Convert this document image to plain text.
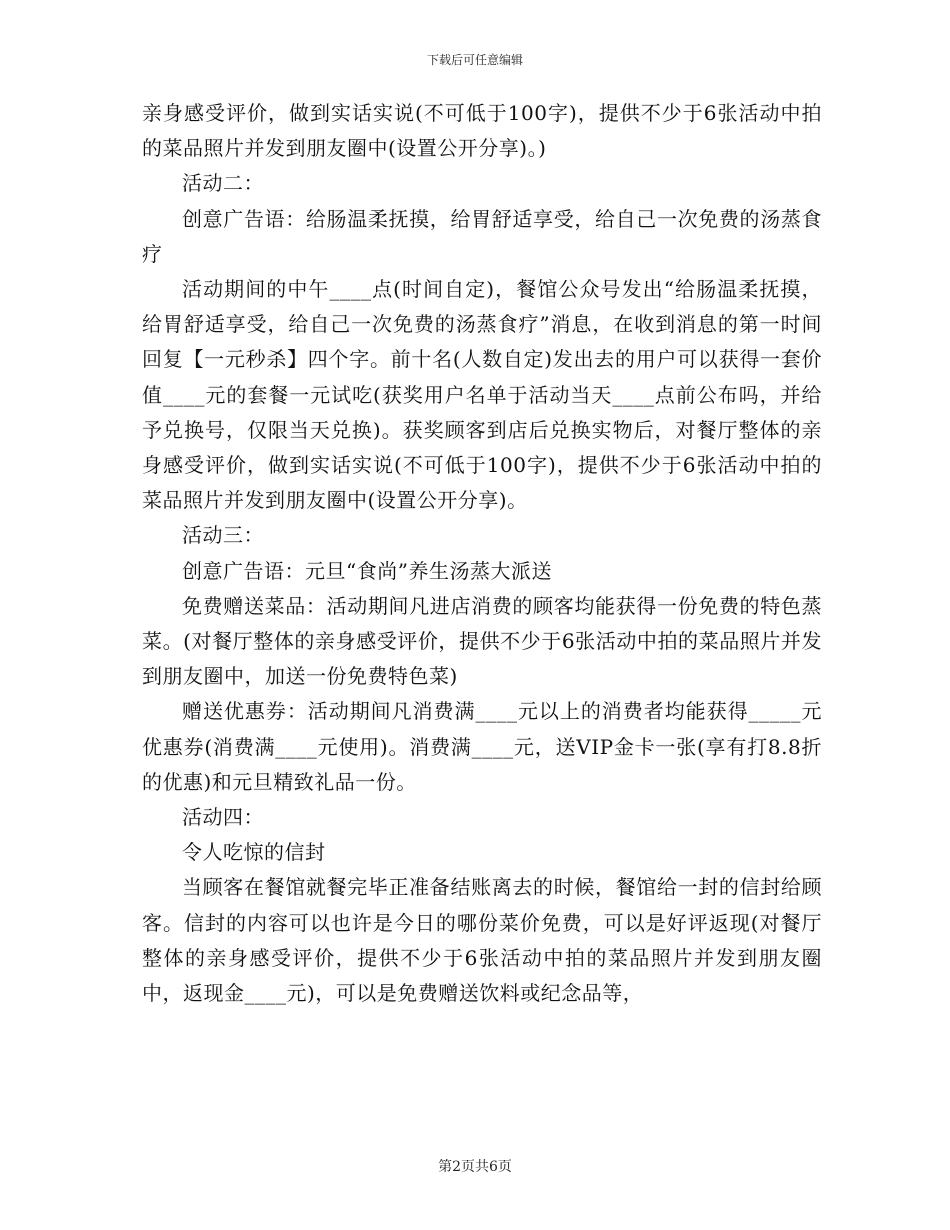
下载后可任意编辑

亲身感受评价，做到实话实说(不可低于100字)，提供不少于6张活动中拍的菜品照片并发到朋友圈中(设置公开分享)。)

活动二：

创意广告语：给肠温柔抚摸，给胃舒适享受，给自己一次免费的汤蒸食疗

活动期间的中午____点(时间自定)，餐馆公众号发出“给肠温柔抚摸，给胃舒适享受，给自己一次免费的汤蒸食疗”消息，在收到消息的第一时间回复【一元秒杀】四个字。前十名(人数自定)发出去的用户可以获得一套价值____元的套餐一元试吃(获奖用户名单于活动当天____点前公布吗，并给予兑换号，仅限当天兑换)。获奖顾客到店后兑换实物后，对餐厅整体的亲身感受评价，做到实话实说(不可低于100字)，提供不少于6张活动中拍的菜品照片并发到朋友圈中(设置公开分享)。

活动三：

创意广告语：元旦“食尚”养生汤蒸大派送

免费赠送菜品：活动期间凡进店消费的顾客均能获得一份免费的特色蒸菜。(对餐厅整体的亲身感受评价，提供不少于6张活动中拍的菜品照片并发到朋友圈中，加送一份免费特色菜)

赠送优惠券：活动期间凡消费满____元以上的消费者均能获得_____元优惠券(消费满____元使用)。消费满____元，送VIP金卡一张(享有打8.8折的优惠)和元旦精致礼品一份。

活动四：

令人吃惊的信封

当顾客在餐馆就餐完毕正准备结账离去的时候，餐馆给一封的信封给顾客。信封的内容可以也许是今日的哪份菜价免费，可以是好评返现(对餐厅整体的亲身感受评价，提供不少于6张活动中拍的菜品照片并发到朋友圈中，返现金____元)，可以是免费赠送饮料或纪念品等，

第2页共6页
